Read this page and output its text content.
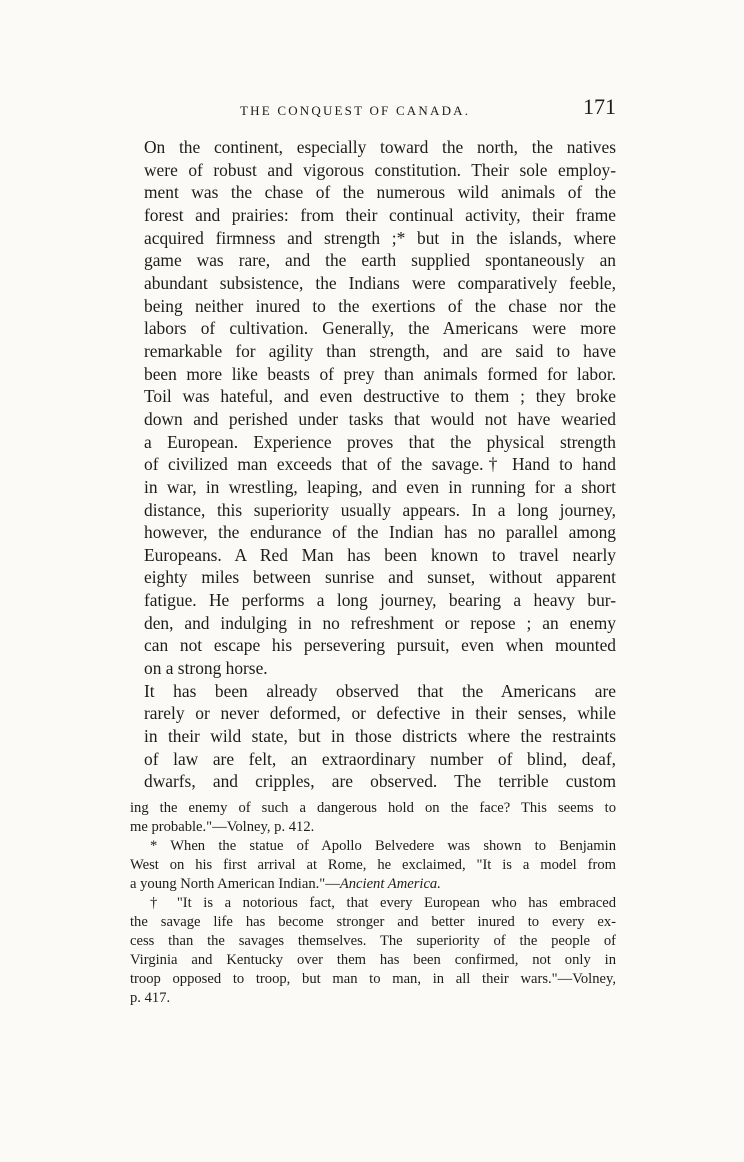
THE CONQUEST OF CANADA.	171

On the continent, especially toward the north, the natives
were of robust and vigorous constitution. Their sole employ-
ment was the chase of the numerous wild animals of the
forest and prairies: from their continual activity, their frame
acquired firmness and strength ;* but in the islands, where
game was rare, and the earth supplied spontaneously an
abundant subsistence, the Indians were comparatively feeble,
being neither inured to the exertions of the chase nor the
labors of cultivation. Generally, the Americans were more
remarkable for agility than strength, and are said to have
been more like beasts of prey than animals formed for labor.
Toil was hateful, and even destructive to them ; they broke
down and perished under tasks that would not have wearied
a European. Experience proves that the physical strength
of civilized man exceeds that of the savage.† Hand to hand
in war, in wrestling, leaping, and even in running for a short
distance, this superiority usually appears. In a long journey,
however, the endurance of the Indian has no parallel among
Europeans. A Red Man has been known to travel nearly
eighty miles between sunrise and sunset, without apparent
fatigue. He performs a long journey, bearing a heavy bur-
den, and indulging in no refreshment or repose ; an enemy
can not escape his persevering pursuit, even when mounted
on a strong horse.

It has been already observed that the Americans are
rarely or never deformed, or defective in their senses, while
in their wild state, but in those districts where the restraints
of law are felt, an extraordinary number of blind, deaf,
dwarfs, and cripples, are observed. The terrible custom

ing the enemy of such a dangerous hold on the face? This seems to
me probable."—Volney, p. 412.

* When the statue of Apollo Belvedere was shown to Benjamin
West on his first arrival at Rome, he exclaimed, "It is a model from
a young North American Indian."—Ancient America.

† "It is a notorious fact, that every European who has embraced
the savage life has become stronger and better inured to every ex-
cess than the savages themselves. The superiority of the people of
Virginia and Kentucky over them has been confirmed, not only in
troop opposed to troop, but man to man, in all their wars."—Volney,
p. 417.
